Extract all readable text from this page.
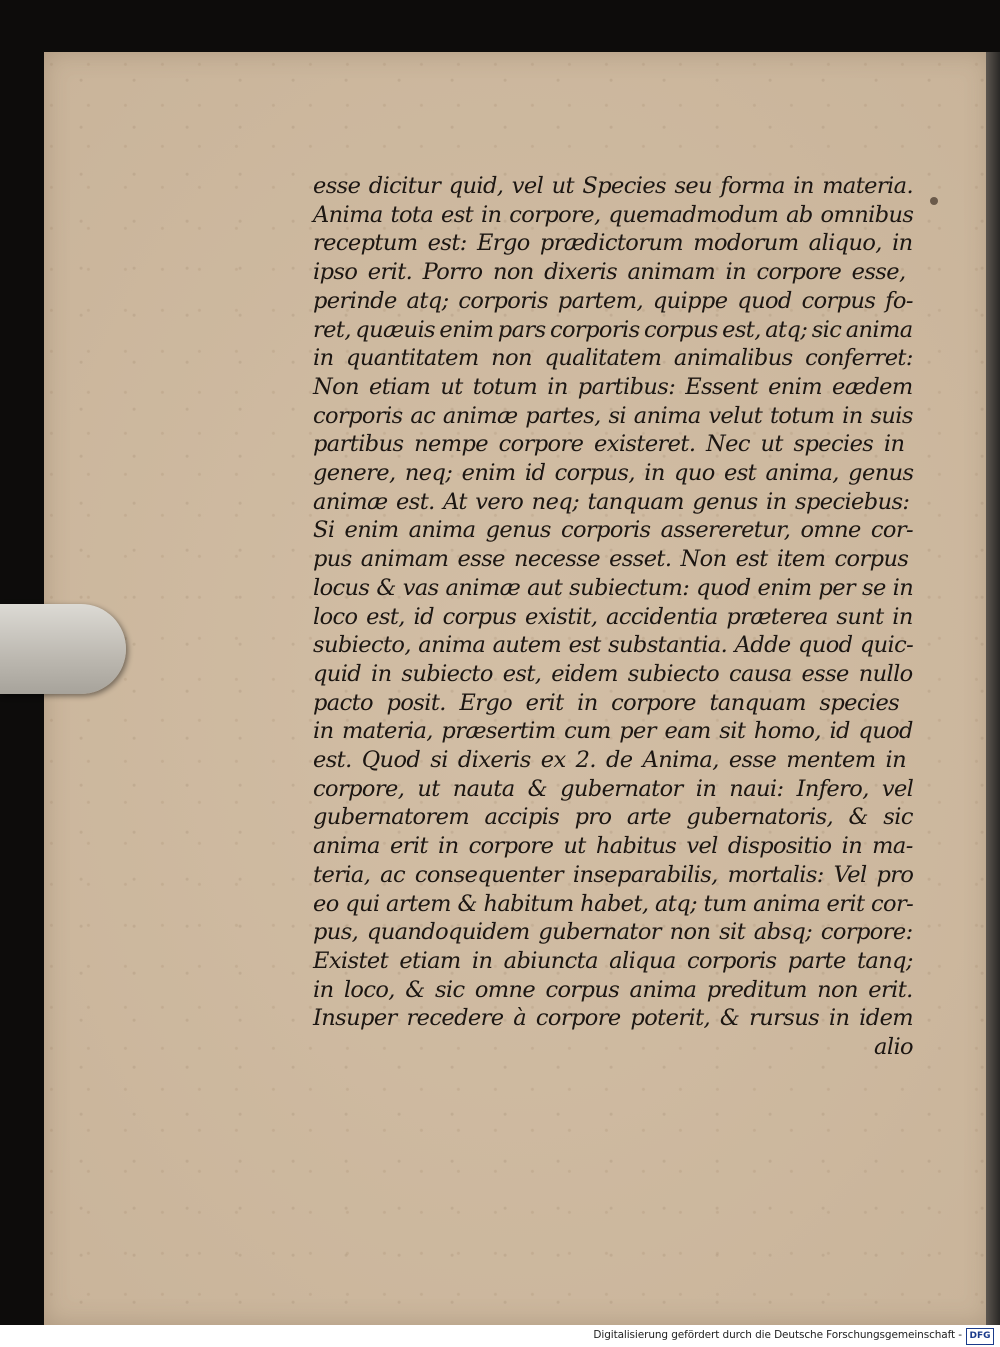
esse dicitur quid, vel ut Species seu forma in materia.
Anima tota est in corpore, quemadmodum ab omnibus
receptum est: Ergo prædictorum modorum aliquo, in
ipso erit. Porro non dixeris animam in corpore esse,
perinde atq; corporis partem, quippe quod corpus fo-
ret, quæuis enim pars corporis corpus est, atq; sic anima
in quantitatem non qualitatem animalibus conferret:
Non etiam ut totum in partibus: Essent enim eædem
corporis ac animæ partes, si anima velut totum in suis
partibus nempe corpore existeret. Nec ut species in
genere, neq; enim id corpus, in quo est anima, genus
animæ est. At vero neq; tanquam genus in speciebus:
Si enim anima genus corporis assereretur, omne cor-
pus animam esse necesse esset. Non est item corpus
locus & vas animæ aut subiectum: quod enim per se in
loco est, id corpus existit, accidentia præterea sunt in
subiecto, anima autem est substantia. Adde quod quic-
quid in subiecto est, eidem subiecto causa esse nullo
pacto posit. Ergo erit in corpore tanquam species
in materia, præsertim cum per eam sit homo, id quod
est. Quod si dixeris ex 2. de Anima, esse mentem in
corpore, ut nauta & gubernator in naui: Infero, vel
gubernatorem accipis pro arte gubernatoris, & sic
anima erit in corpore ut habitus vel dispositio in ma-
teria, ac consequenter inseparabilis, mortalis: Vel pro
eo qui artem & habitum habet, atq; tum anima erit cor-
pus, quandoquidem gubernator non sit absq; corpore:
Existet etiam in abiuncta aliqua corporis parte tanq;
in loco, & sic omne corpus anima preditum non erit.
Insuper recedere à corpore poterit, & rursus in idem
alio
Digitalisierung gefördert durch die Deutsche Forschungsgemeinschaft - DFG
